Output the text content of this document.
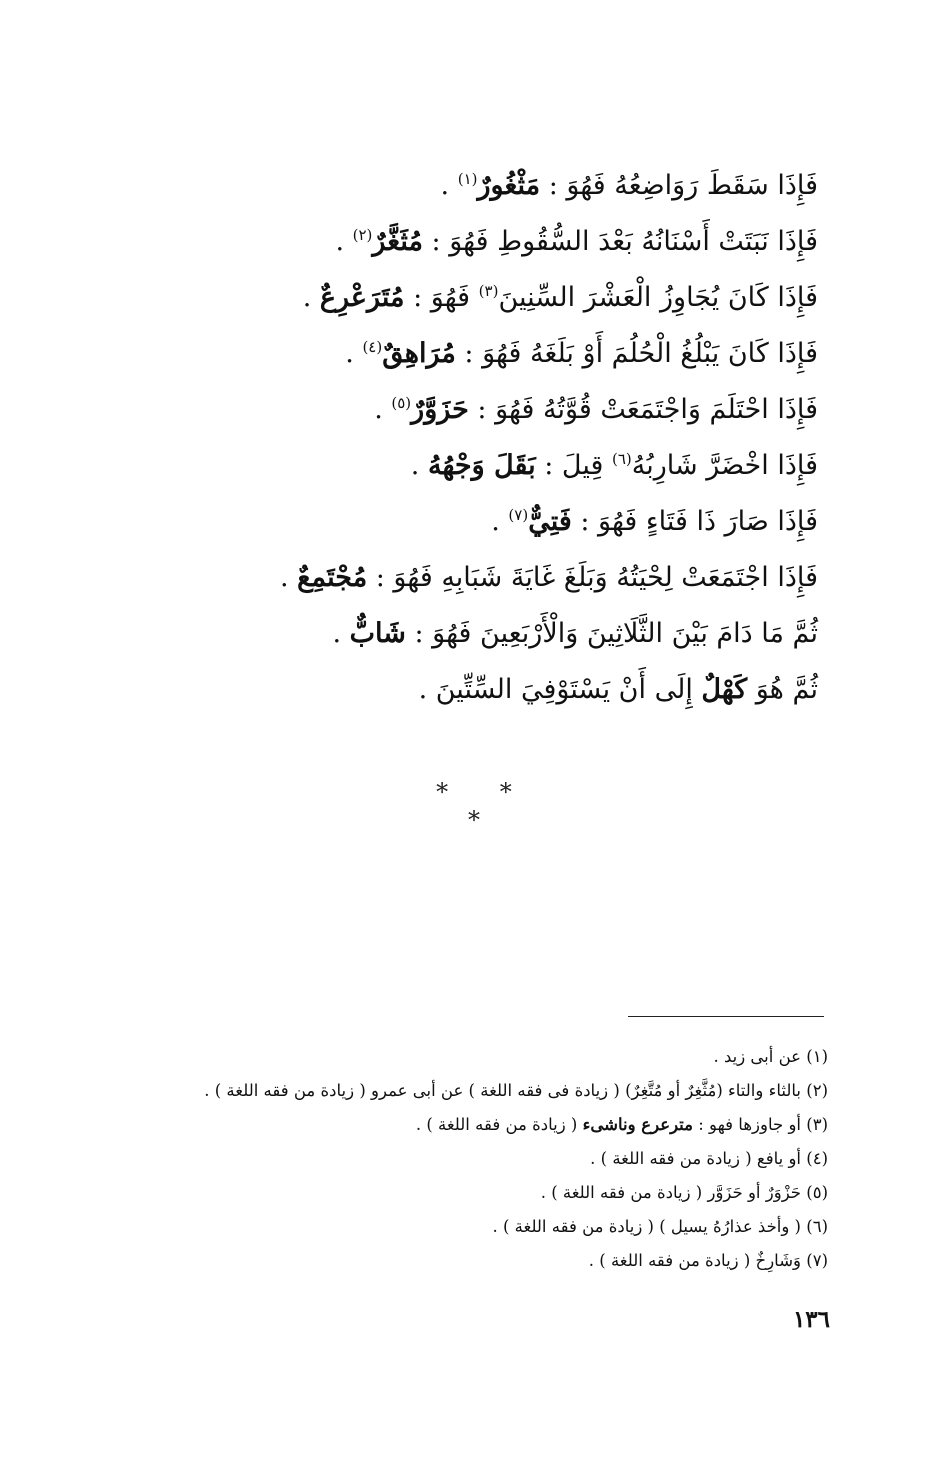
فَإِذَا سَقَطَ رَوَاضِعُهُ فَهُوَ : مَثْغُورٌ$^{(١)}$ .
فَإِذَا نَبَتَتْ أَسْنَانُهُ بَعْدَ السُّقُوطِ فَهُوَ : مُثَغَّرٌ$^{(٢)}$ .
فَإِذَا كَانَ يُجَاوِزُ الْعَشْرَ السِّنِينَ$^{(٣)}$ فَهُوَ : مُتَرَعْرِعٌ .
فَإِذَا كَانَ يَبْلُغُ الْحُلُمَ أَوْ بَلَغَهُ فَهُوَ : مُرَاهِقٌ$^{(٤)}$ .
فَإِذَا احْتَلَمَ وَاجْتَمَعَتْ قُوَّتُهُ فَهُوَ : حَزَوَّرٌ$^{(٥)}$ .
فَإِذَا اخْضَرَّ شَارِبُهُ$^{(٦)}$ قِيلَ : بَقَلَ وَجْهُهُ .
فَإِذَا صَارَ ذَا فَتَاءٍ فَهُوَ : فَتِيٌّ$^{(٧)}$ .
فَإِذَا اجْتَمَعَتْ لِحْيَتُهُ وَبَلَغَ غَايَةَ شَبَابِهِ فَهُوَ : مُجْتَمِعٌ .
ثُمَّ مَا دَامَ بَيْنَ الثَّلَاثِينَ وَالْأَرْبَعِينَ فَهُوَ : شَابٌّ .
ثُمَّ هُوَ كَهْلٌ إِلَى أَنْ يَسْتَوْفِيَ السِّتِّينَ .
* * *
(١) عن أبى زيد .
(٢) بالثاء والتاء (مُثَّغِرٌ أو مُتَّغِرٌ) ( زيادة فى فقه اللغة ) عن أبى عمرو ( زيادة من فقه اللغة ) .
(٣) أو جاوزها فهو : مترعرع وناشىء ( زيادة من فقه اللغة ) .
(٤) أو يافع ( زيادة من فقه اللغة ) .
(٥) حَزْوَرٌ أو حَزَوَّر ( زيادة من فقه اللغة ) .
(٦) ( وأخذ عذارُهُ يسيل ) ( زيادة من فقه اللغة ) .
(٧) وَشَارِخٌ ( زيادة من فقه اللغة ) .
١٣٦
